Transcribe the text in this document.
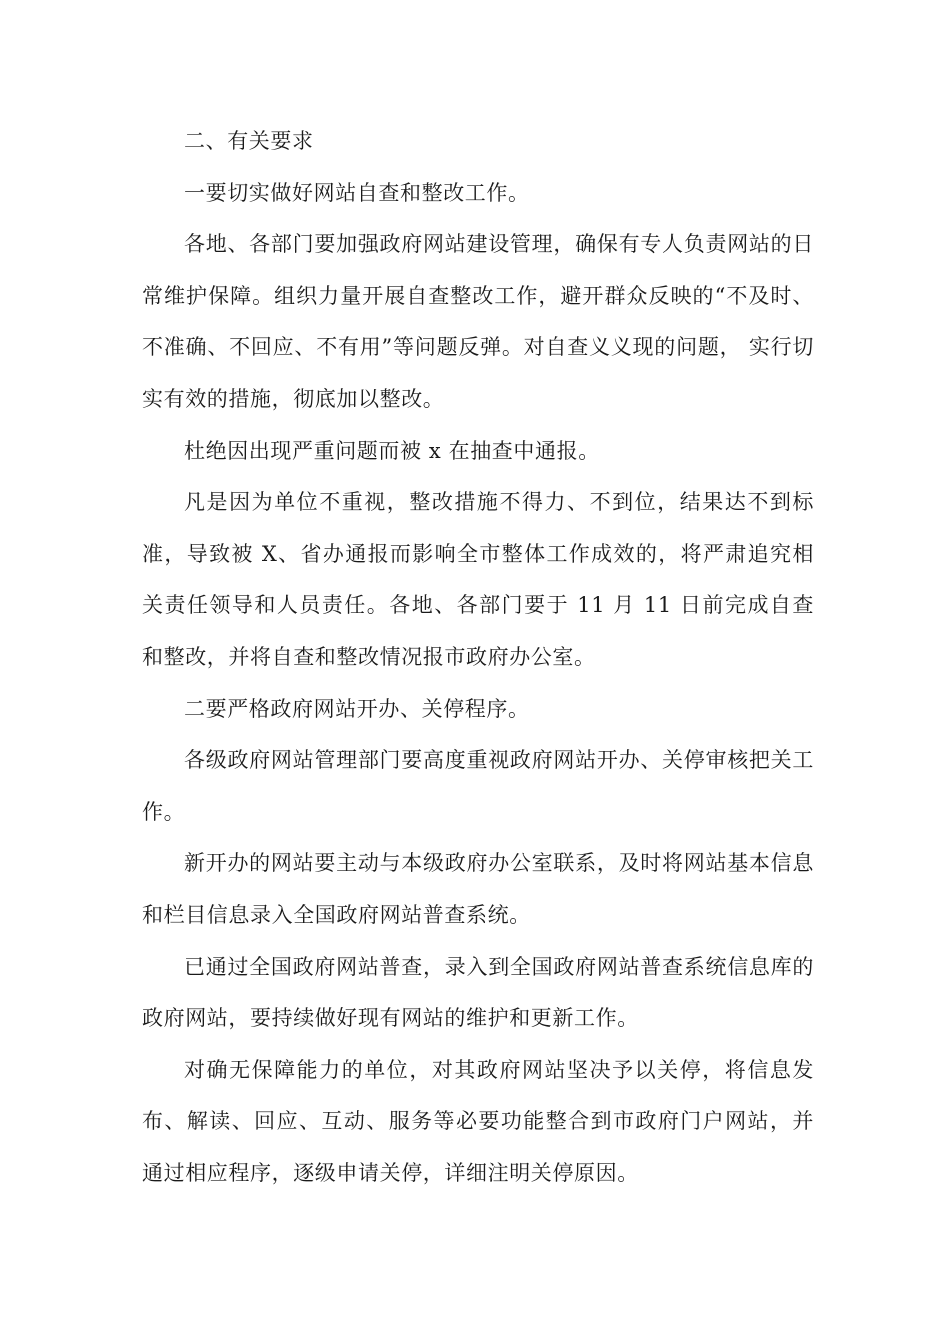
二、有关要求

一要切实做好网站自查和整改工作。

各地、各部门要加强政府网站建设管理，确保有专人负责网站的日常维护保障。组织力量开展自查整改工作，避开群众反映的“不及时、不准确、不回应、不有用”等问题反弹。对自查义义现的问题， 实行切实有效的措施，彻底加以整改。

杜绝因出现严重问题而被 x 在抽查中通报。

凡是因为单位不重视，整改措施不得力、不到位，结果达不到标准，导致被 X、省办通报而影响全市整体工作成效的，将严肃追究相 关责任领导和人员责任。各地、各部门要于 11 月 11 日前完成自查 和整改，并将自查和整改情况报市政府办公室。

二要严格政府网站开办、关停程序。

各级政府网站管理部门要高度重视政府网站开办、关停审核把关工作。

新开办的网站要主动与本级政府办公室联系，及时将网站基本信息和栏目信息录入全国政府网站普查系统。

已通过全国政府网站普查，录入到全国政府网站普查系统信息库的政府网站，要持续做好现有网站的维护和更新工作。

对确无保障能力的单位，对其政府网站坚决予以关停，将信息发布、解读、回应、互动、服务等必要功能整合到市政府门户网站，并 通过相应程序，逐级申请关停，详细注明关停原因。
